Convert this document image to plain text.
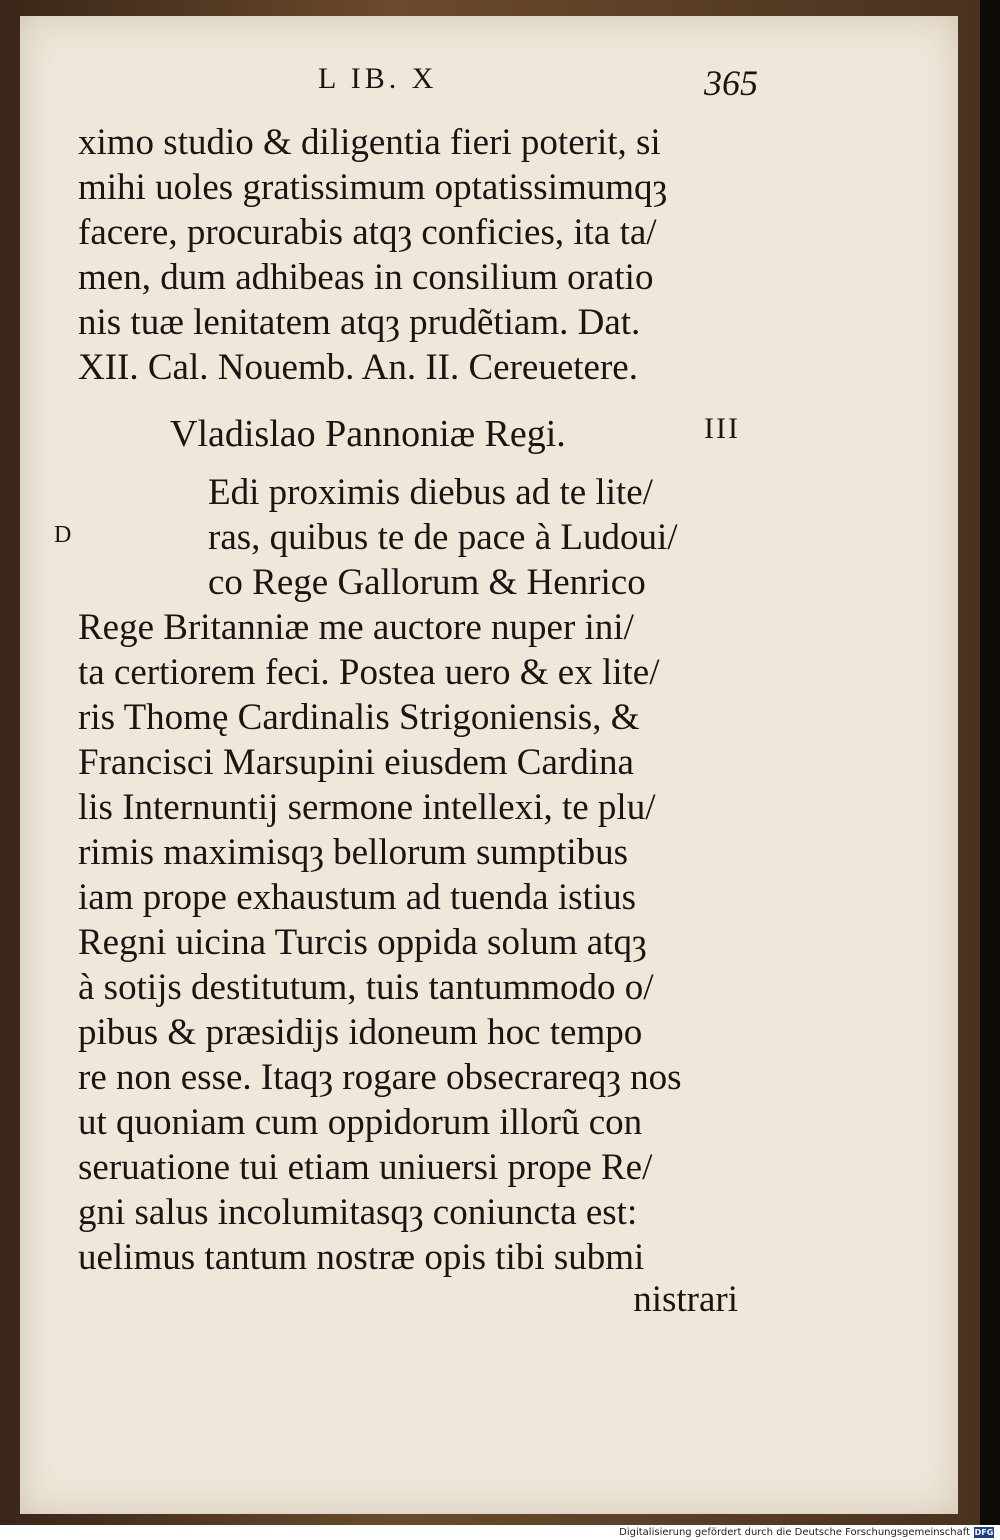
L IB. X	365
ximo studio & diligentia fieri poterit, si
mihi uoles gratissimum optatissimumqȝ
facere, procurabis atqȝ conficies, ita ta/
men, dum adhibeas in consilium oratio
nis tuæ lenitatem atqȝ prudẽtiam. Dat.
XII. Cal. Nouemb. An. II. Cereuetere.
Vladislao Pannoniæ Regi.	III
D
Edi proximis diebus ad te lite/
ras, quibus te de pace à Ludoui/
co Rege Gallorum & Henrico
Rege Britanniæ me auctore nuper ini/
ta certiorem feci. Postea uero & ex lite/
ris Thomę Cardinalis Strigoniensis, &
Francisci Marsupini eiusdem Cardina
lis Internuntij sermone intellexi, te plu/
rimis maximisqȝ bellorum sumptibus
iam prope exhaustum ad tuenda istius
Regni uicina Turcis oppida solum atqȝ
à sotijs destitutum, tuis tantummodo o/
pibus & præsidijs idoneum hoc tempo
re non esse. Itaqȝ rogare obsecrareqȝ nos
ut quoniam cum oppidorum illorũ con
seruatione tui etiam uniuersi prope Re/
gni salus incolumitasqȝ coniuncta est:
uelimus tantum nostræ opis tibi submi
nistrari
Digitalisierung gefördert durch die Deutsche Forschungsgemeinschaft DFG
